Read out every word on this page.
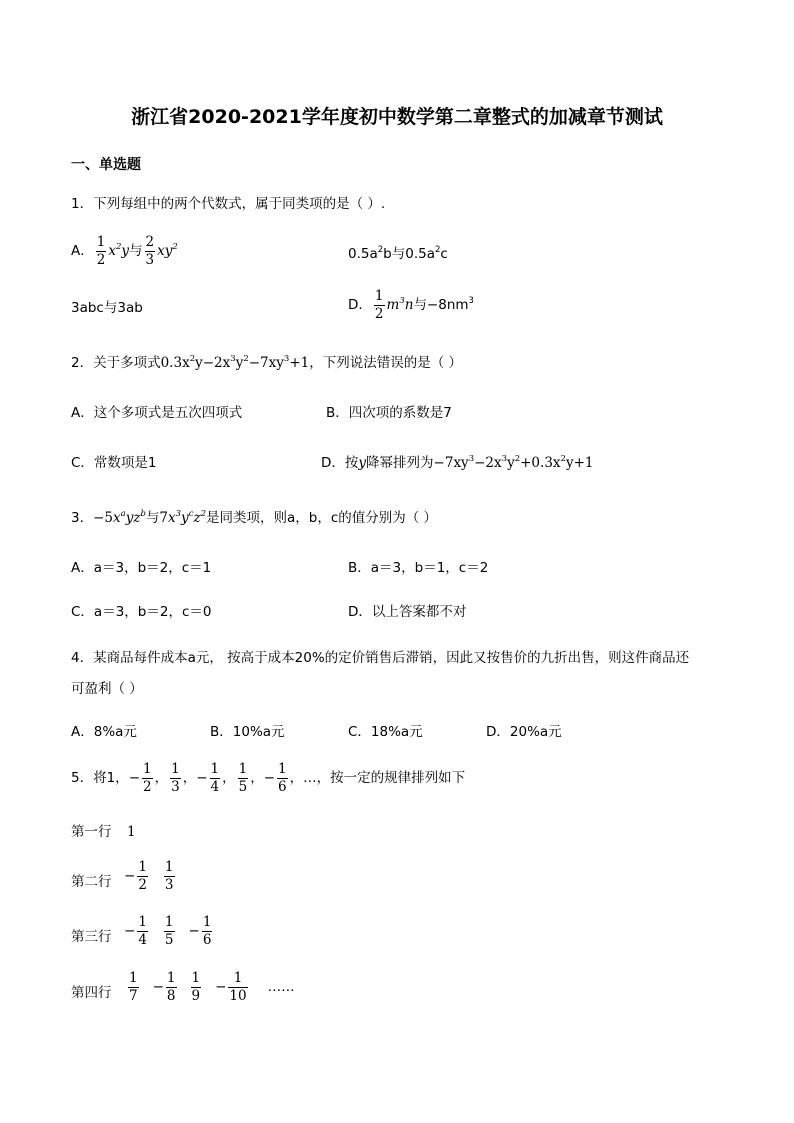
浙江省2020-2021学年度初中数学第二章整式的加减章节测试
一、单选题
1．下列每组中的两个代数式，属于同类项的是（ ）.
A． $\frac{1}{2} x^2y$ 与 $\frac{2}{3} xy^2$	$0.5a^2b$与$0.5a^2c$
3abc与3ab	D． $\frac{1}{2} m^3n$ 与$-8nm^3$
2．关于多项式$0.3x^2y-2x^3y^2-7xy^3+1$，下列说法错误的是（ ）
A．这个多项式是五次四项式	B．四次项的系数是7
C．常数项是1	D．按y降幂排列为$-7xy^3-2x^3y^2+0.3x^2y+1$
3．$-5x^ayz^b$与$7x^3y^cz^2$是同类项，则a，b，c的值分别为（ ）
A．a＝3，b＝2，c＝1	B．a＝3，b＝1，c＝2
C．a＝3，b＝2，c＝0	D．以上答案都不对
4．某商品每件成本a元， 按高于成本20%的定价销售后滞销，因此又按售价的九折出售，则这件商品还
可盈利（ ）
A．8%a元	B．10%a元	C．18%a元	D．20%a元
5．将1， − $\frac{1}{2}$ ， $\frac{1}{3}$ ， − $\frac{1}{4}$ ， $\frac{1}{5}$ ， − $\frac{1}{6}$ ，…，按一定的规律排列如下
第一行 1
第二行 − $\frac{1}{2} \frac{1}{3}$
第三行 − $\frac{1}{4} \frac{1}{5} - \frac{1}{6}$
第四行 $\frac{1}{7} - \frac{1}{8} \frac{1}{9} - \frac{1}{10}$ ……
